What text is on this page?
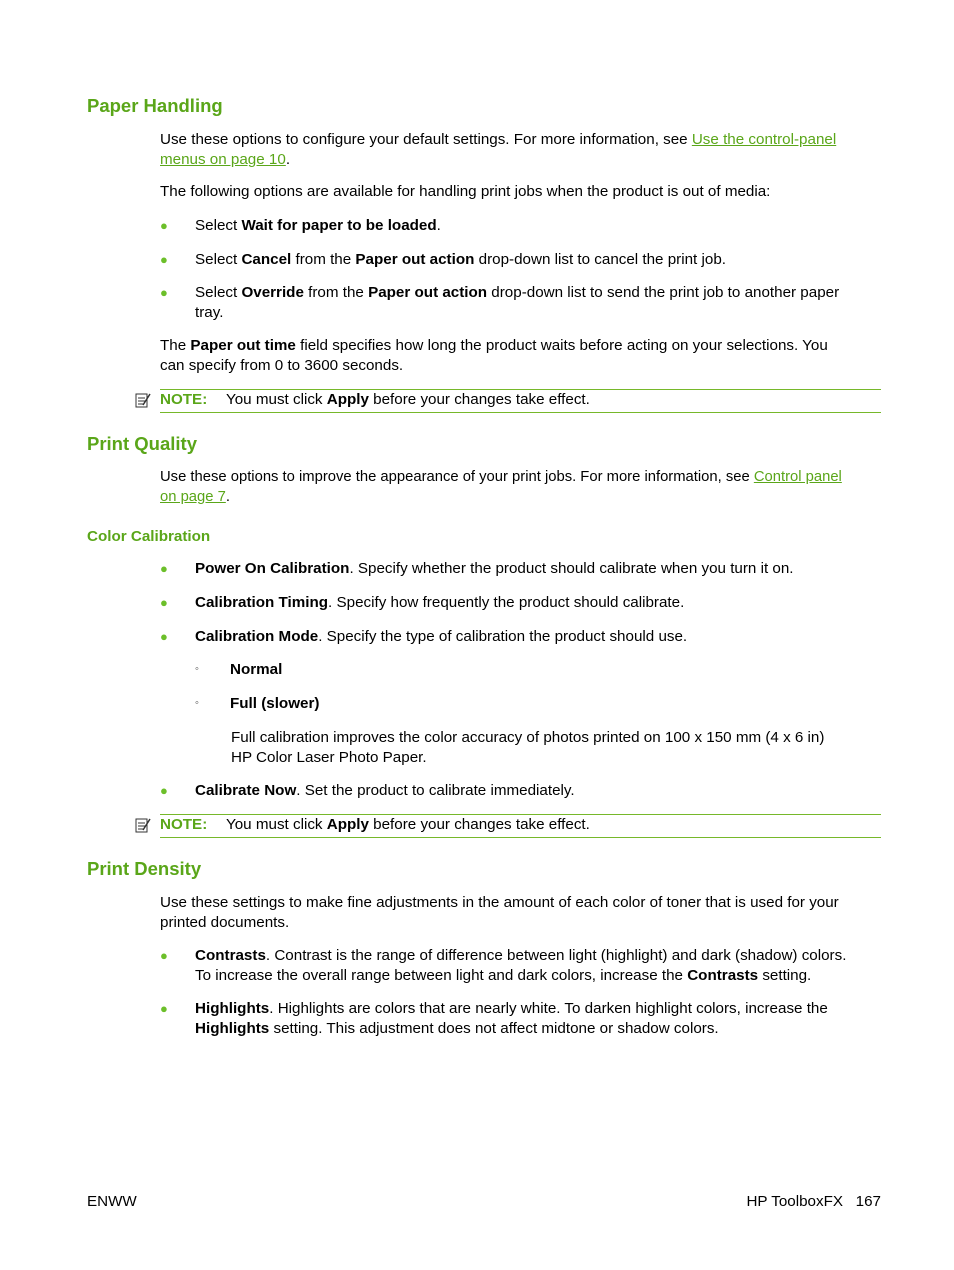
Paper Handling
Use these options to configure your default settings. For more information, see Use the control-panel
menus on page 10.
The following options are available for handling print jobs when the product is out of media:
● Select Wait for paper to be loaded.
● Select Cancel from the Paper out action drop-down list to cancel the print job.
● Select Override from the Paper out action drop-down list to send the print job to another paper
tray.
The Paper out time field specifies how long the product waits before acting on your selections. You
can specify from 0 to 3600 seconds.
NOTE: You must click Apply before your changes take effect.
Print Quality
Use these options to improve the appearance of your print jobs. For more information, see Control panel
on page 7.
Color Calibration
● Power On Calibration. Specify whether the product should calibrate when you turn it on.
● Calibration Timing. Specify how frequently the product should calibrate.
● Calibration Mode. Specify the type of calibration the product should use.
◦ Normal
◦ Full (slower)
Full calibration improves the color accuracy of photos printed on 100 x 150 mm (4 x 6 in)
HP Color Laser Photo Paper.
● Calibrate Now. Set the product to calibrate immediately.
NOTE: You must click Apply before your changes take effect.
Print Density
Use these settings to make fine adjustments in the amount of each color of toner that is used for your
printed documents.
● Contrasts. Contrast is the range of difference between light (highlight) and dark (shadow) colors.
To increase the overall range between light and dark colors, increase the Contrasts setting.
● Highlights. Highlights are colors that are nearly white. To darken highlight colors, increase the
Highlights setting. This adjustment does not affect midtone or shadow colors.
ENWW	HP ToolboxFX   167
